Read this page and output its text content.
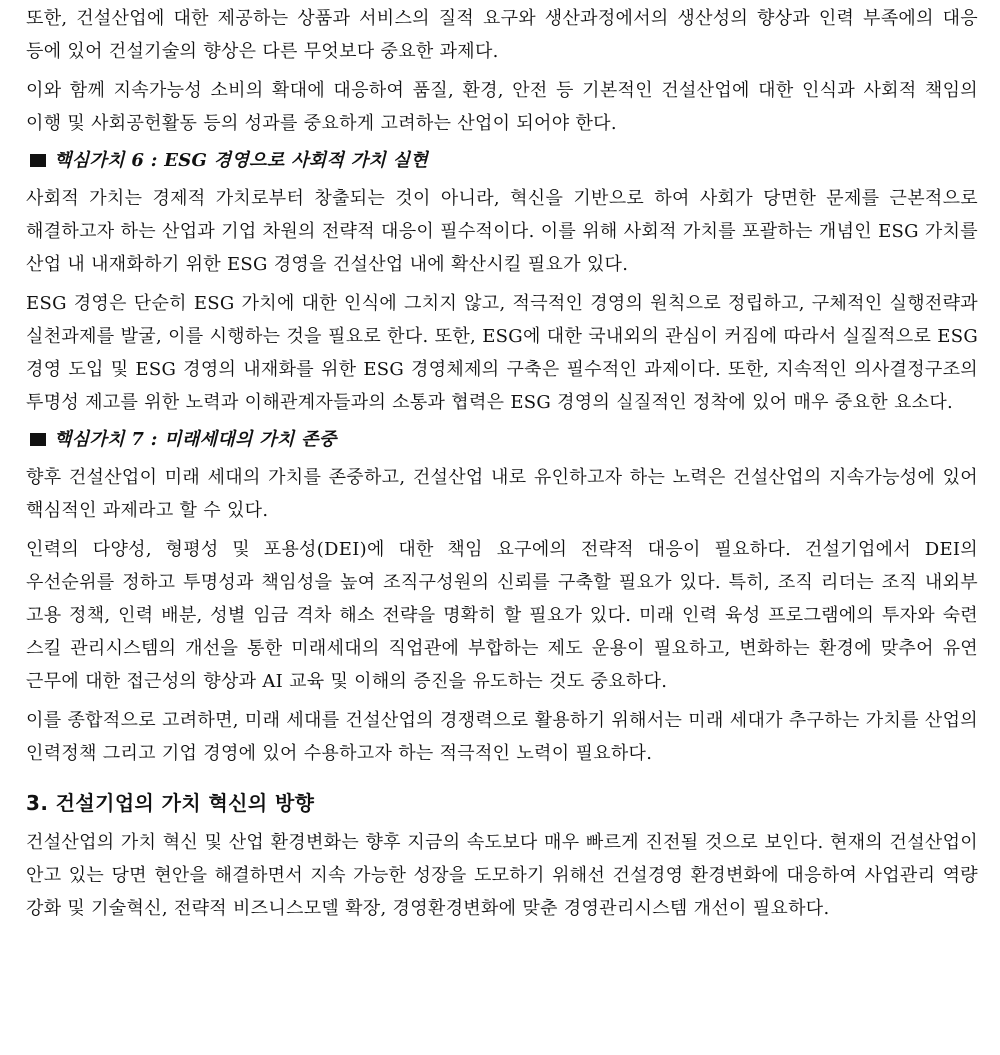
또한, 건설산업에 대한 제공하는 상품과 서비스의 질적 요구와 생산과정에서의 생산성의 향상과 인력 부족에의 대응 등에 있어 건설기술의 향상은 다른 무엇보다 중요한 과제다.

이와 함께 지속가능성 소비의 확대에 대응하여 품질, 환경, 안전 등 기본적인 건설산업에 대한 인식과 사회적 책임의 이행 및 사회공헌활동 등의 성과를 중요하게 고려하는 산업이 되어야 한다.

핵심가치 6 : ESG 경영으로 사회적 가치 실현

사회적 가치는 경제적 가치로부터 창출되는 것이 아니라, 혁신을 기반으로 하여 사회가 당면한 문제를 근본적으로 해결하고자 하는 산업과 기업 차원의 전략적 대응이 필수적이다. 이를 위해 사회적 가치를 포괄하는 개념인 ESG 가치를 산업 내 내재화하기 위한 ESG 경영을 건설산업 내에 확산시킬 필요가 있다.

ESG 경영은 단순히 ESG 가치에 대한 인식에 그치지 않고, 적극적인 경영의 원칙으로 정립하고, 구체적인 실행전략과 실천과제를 발굴, 이를 시행하는 것을 필요로 한다. 또한, ESG에 대한 국내외의 관심이 커짐에 따라서 실질적으로 ESG 경영 도입 및 ESG 경영의 내재화를 위한 ESG 경영체제의 구축은 필수적인 과제이다. 또한, 지속적인 의사결정구조의 투명성 제고를 위한 노력과 이해관계자들과의 소통과 협력은 ESG 경영의 실질적인 정착에 있어 매우 중요한 요소다.

핵심가치 7 : 미래세대의 가치 존중

향후 건설산업이 미래 세대의 가치를 존중하고, 건설산업 내로 유인하고자 하는 노력은 건설산업의 지속가능성에 있어 핵심적인 과제라고 할 수 있다.

인력의 다양성, 형평성 및 포용성(DEI)에 대한 책임 요구에의 전략적 대응이 필요하다. 건설기업에서 DEI의 우선순위를 정하고 투명성과 책임성을 높여 조직구성원의 신뢰를 구축할 필요가 있다. 특히, 조직 리더는 조직 내외부 고용 정책, 인력 배분, 성별 임금 격차 해소 전략을 명확히 할 필요가 있다. 미래 인력 육성 프로그램에의 투자와 숙련 스킬 관리시스템의 개선을 통한 미래세대의 직업관에 부합하는 제도 운용이 필요하고, 변화하는 환경에 맞추어 유연 근무에 대한 접근성의 향상과 AI 교육 및 이해의 증진을 유도하는 것도 중요하다.

이를 종합적으로 고려하면, 미래 세대를 건설산업의 경쟁력으로 활용하기 위해서는 미래 세대가 추구하는 가치를 산업의 인력정책 그리고 기업 경영에 있어 수용하고자 하는 적극적인 노력이 필요하다.

3. 건설기업의 가치 혁신의 방향

건설산업의 가치 혁신 및 산업 환경변화는 향후 지금의 속도보다 매우 빠르게 진전될 것으로 보인다. 현재의 건설산업이 안고 있는 당면 현안을 해결하면서 지속 가능한 성장을 도모하기 위해선 건설경영 환경변화에 대응하여 사업관리 역량 강화 및 기술혁신, 전략적 비즈니스모델 확장, 경영환경변화에 맞춘 경영관리시스템 개선이 필요하다.
